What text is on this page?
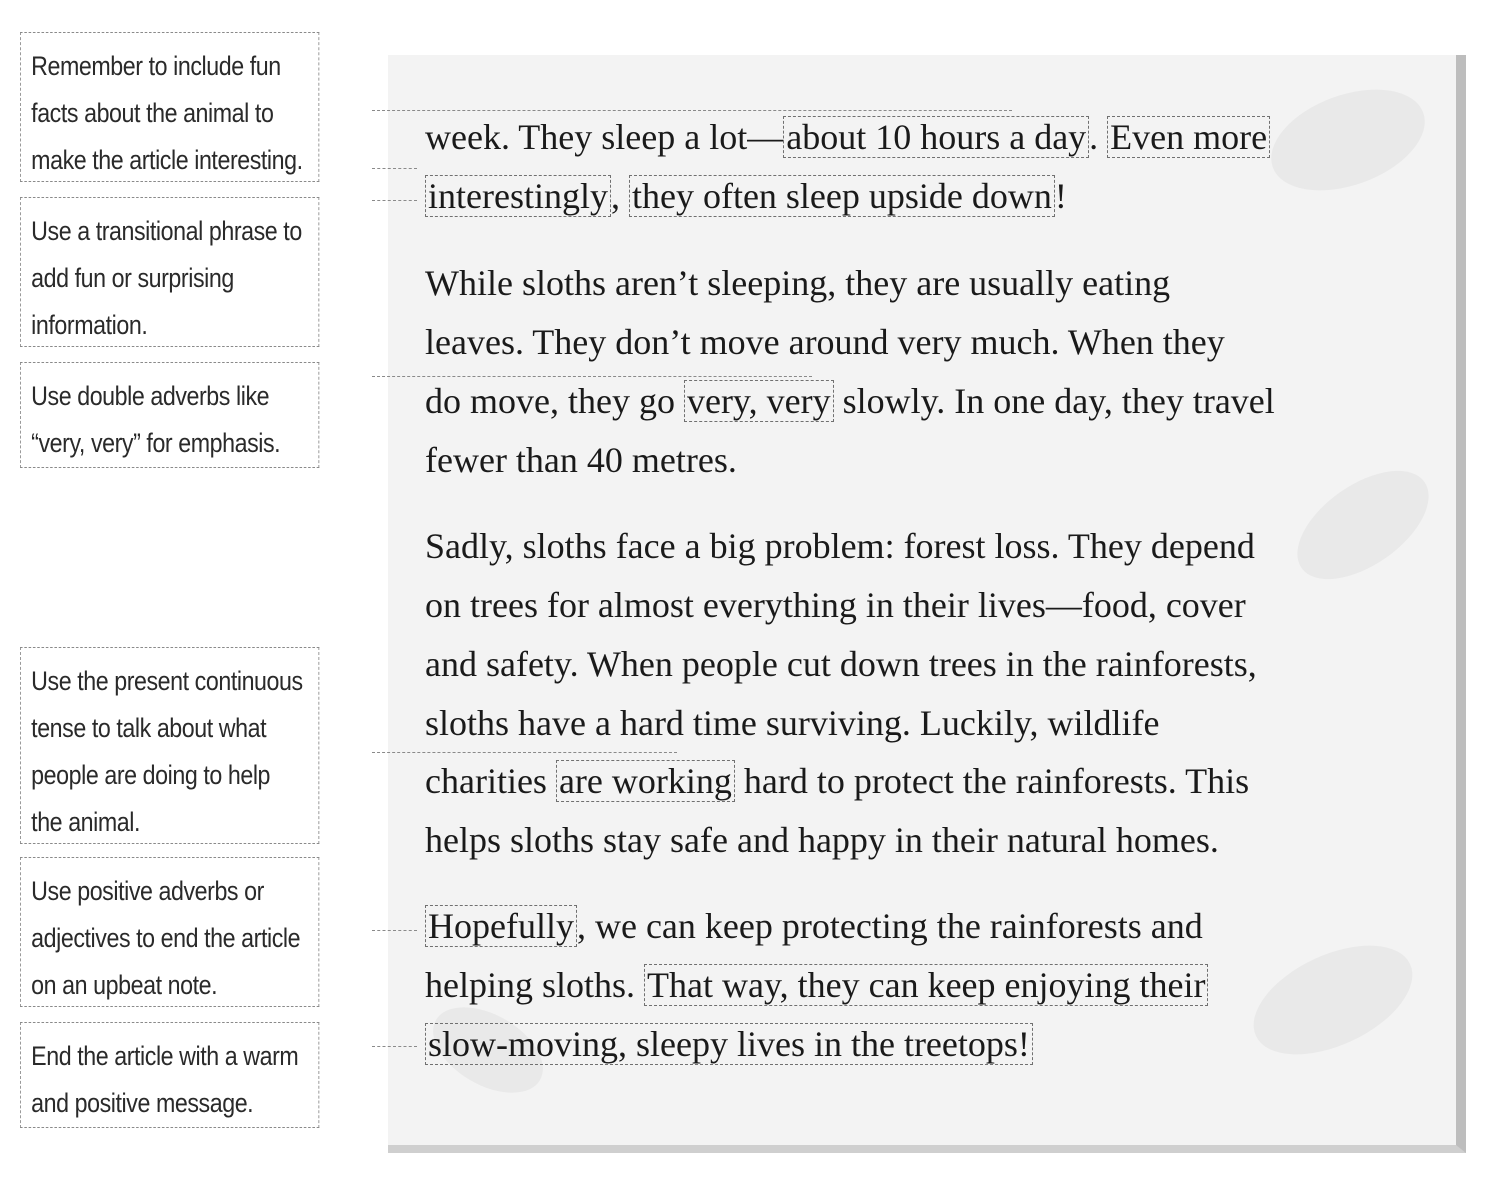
Remember to include fun facts about the animal to make the article interesting.
Use a transitional phrase to add fun or surprising information.
Use double adverbs like “very, very” for emphasis.
Use the present continuous tense to talk about what people are doing to help the animal.
Use positive adverbs or adjectives to end the article on an upbeat note.
End the article with a warm and positive message.
week. They sleep a lot—about 10 hours a day. Even more
interestingly, they often sleep upside down!
While sloths aren’t sleeping, they are usually eating
leaves. They don’t move around very much. When they
do move, they go very, very slowly. In one day, they travel
fewer than 40 metres.
Sadly, sloths face a big problem: forest loss. They depend
on trees for almost everything in their lives—food, cover
and safety. When people cut down trees in the rainforests,
sloths have a hard time surviving. Luckily, wildlife
charities are working hard to protect the rainforests. This
helps sloths stay safe and happy in their natural homes.
Hopefully, we can keep protecting the rainforests and
helping sloths. That way, they can keep enjoying their
slow-moving, sleepy lives in the treetops!
